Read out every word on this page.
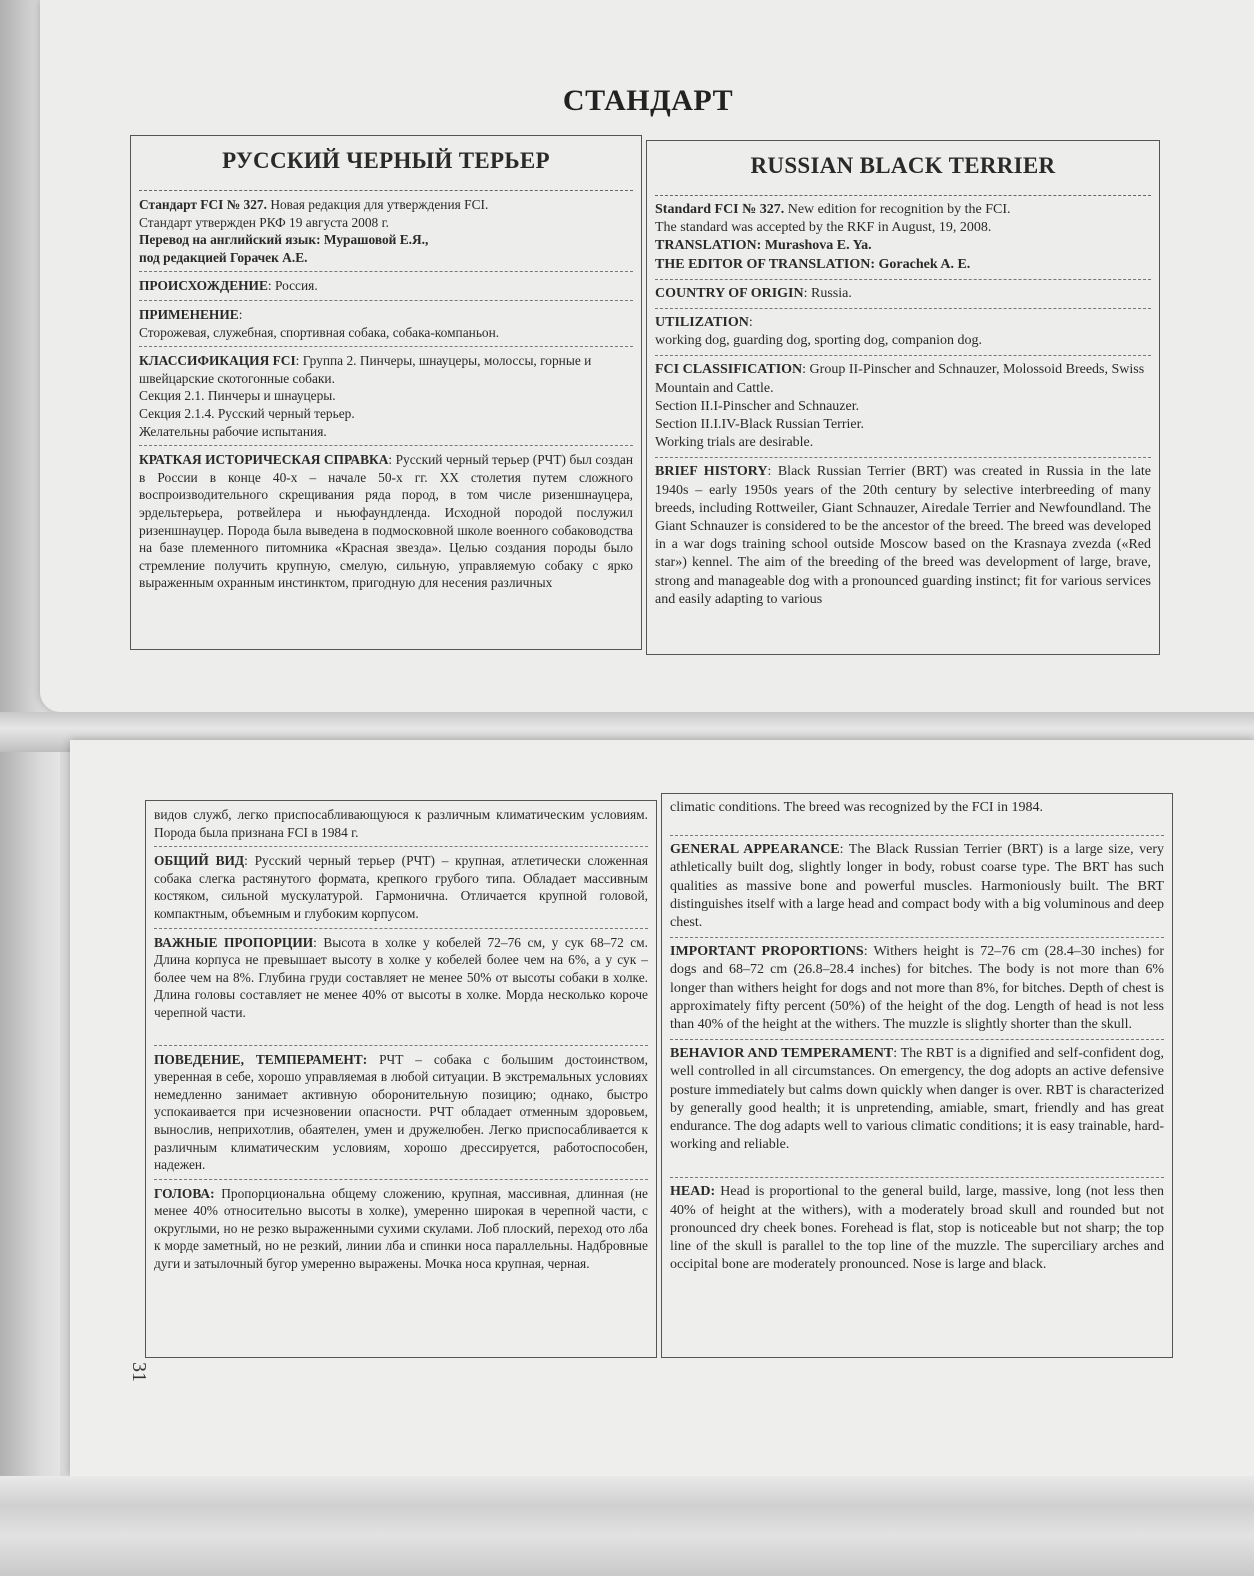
СТАНДАРТ
РУССКИЙ ЧЕРНЫЙ ТЕРЬЕР
Стандарт FCI № 327. Новая редакция для утверждения FCI.
Стандарт утвержден РКФ 19 августа 2008 г.
Перевод на английский язык: Мурашовой Е.Я.,
под редакцией Горачек А.Е.
ПРОИСХОЖДЕНИЕ: Россия.
ПРИМЕНЕНИЕ:
Сторожевая, служебная, спортивная собака, собака-компаньон.
КЛАССИФИКАЦИЯ FCI: Группа 2. Пинчеры, шнауцеры, молоссы, горные и швейцарские скотогонные собаки.
Секция 2.1. Пинчеры и шнауцеры.
Секция 2.1.4. Русский черный терьер.
Желательны рабочие испытания.
КРАТКАЯ ИСТОРИЧЕСКАЯ СПРАВКА: Русский черный терьер (РЧТ) был создан в России в конце 40-х – начале 50-х гг. XX столетия путем сложного воспроизводительного скрещивания ряда пород, в том числе ризеншнауцера, эрдельтерьера, ротвейлера и ньюфаундленда. Исходной породой послужил ризеншнауцер. Порода была выведена в подмосковной школе военного собаководства на базе племенного питомника «Красная звезда». Целью создания породы было стремление получить крупную, смелую, сильную, управляемую собаку с ярко выраженным охранным инстинктом, пригодную для несения различных
RUSSIAN BLACK TERRIER
Standard FCI № 327. New edition for recognition by the FCI.
The standard was accepted by the RKF in August, 19, 2008.
TRANSLATION: Murashova E. Ya.
THE EDITOR OF TRANSLATION: Gorachek A. E.
COUNTRY OF ORIGIN: Russia.
UTILIZATION:
working dog, guarding dog, sporting dog, companion dog.
FCI CLASSIFICATION: Group II-Pinscher and Schnauzer, Molossoid Breeds, Swiss Mountain and Cattle.
Section II.I-Pinscher and Schnauzer.
Section II.I.IV-Black Russian Terrier.
Working trials are desirable.
BRIEF HISTORY: Black Russian Terrier (BRT) was created in Russia in the late 1940s – early 1950s years of the 20th century by selective interbreeding of many breeds, including Rottweiler, Giant Schnauzer, Airedale Terrier and Newfoundland. The Giant Schnauzer is considered to be the ancestor of the breed. The breed was developed in a war dogs training school outside Moscow based on the Krasnaya zvezda («Red star») kennel. The aim of the breeding of the breed was development of large, brave, strong and manageable dog with a pronounced guarding instinct; fit for various services and easily adapting to various
видов служб, легко приспосабливающуюся к различным климатическим условиям. Порода была признана FCI в 1984 г.
ОБЩИЙ ВИД: Русский черный терьер (РЧТ) – крупная, атлетически сложенная собака слегка растянутого формата, крепкого грубого типа. Обладает массивным костяком, сильной мускулатурой. Гармонична. Отличается крупной головой, компактным, объемным и глубоким корпусом.
ВАЖНЫЕ ПРОПОРЦИИ: Высота в холке у кобелей 72–76 см, у сук 68–72 см. Длина корпуса не превышает высоту в холке у кобелей более чем на 6%, а у сук – более чем на 8%. Глубина груди составляет не менее 50% от высоты собаки в холке. Длина головы составляет не менее 40% от высоты в холке. Морда несколько короче черепной части.
ПОВЕДЕНИЕ, ТЕМПЕРАМЕНТ: РЧТ – собака с большим достоинством, уверенная в себе, хорошо управляемая в любой ситуации. В экстремальных условиях немедленно занимает активную оборонительную позицию; однако, быстро успокаивается при исчезновении опасности. РЧТ обладает отменным здоровьем, вынослив, неприхотлив, обаятелен, умен и дружелюбен. Легко приспосабливается к различным климатическим условиям, хорошо дрессируется, работоспособен, надежен.
ГОЛОВА: Пропорциональна общему сложению, крупная, массивная, длинная (не менее 40% относительно высоты в холке), умеренно широкая в черепной части, с округлыми, но не резко выраженными сухими скулами. Лоб плоский, переход ото лба к морде заметный, но не резкий, линии лба и спинки носа параллельны. Надбровные дуги и затылочный бугор умеренно выражены. Мочка носа крупная, черная.
climatic conditions. The breed was recognized by the FCI in 1984.
GENERAL APPEARANCE: The Black Russian Terrier (BRT) is a large size, very athletically built dog, slightly longer in body, robust coarse type. The BRT has such qualities as massive bone and powerful muscles. Harmoniously built. The BRT distinguishes itself with a large head and compact body with a big voluminous and deep chest.
IMPORTANT PROPORTIONS: Withers height is 72–76 cm (28.4–30 inches) for dogs and 68–72 cm (26.8–28.4 inches) for bitches. The body is not more than 6% longer than withers height for dogs and not more than 8%, for bitches. Depth of chest is approximately fifty percent (50%) of the height of the dog. Length of head is not less than 40% of the height at the withers. The muzzle is slightly shorter than the skull.
BEHAVIOR AND TEMPERAMENT: The RBT is a dignified and self-confident dog, well controlled in all circumstances. On emergency, the dog adopts an active defensive posture immediately but calms down quickly when danger is over. RBT is characterized by generally good health; it is unpretending, amiable, smart, friendly and has great endurance. The dog adapts well to various climatic conditions; it is easy trainable, hard-working and reliable.
HEAD: Head is proportional to the general build, large, massive, long (not less then 40% of height at the withers), with a moderately broad skull and rounded but not pronounced dry cheek bones. Forehead is flat, stop is noticeable but not sharp; the top line of the skull is parallel to the top line of the muzzle. The superciliary arches and occipital bone are moderately pronounced. Nose is large and black.
31
